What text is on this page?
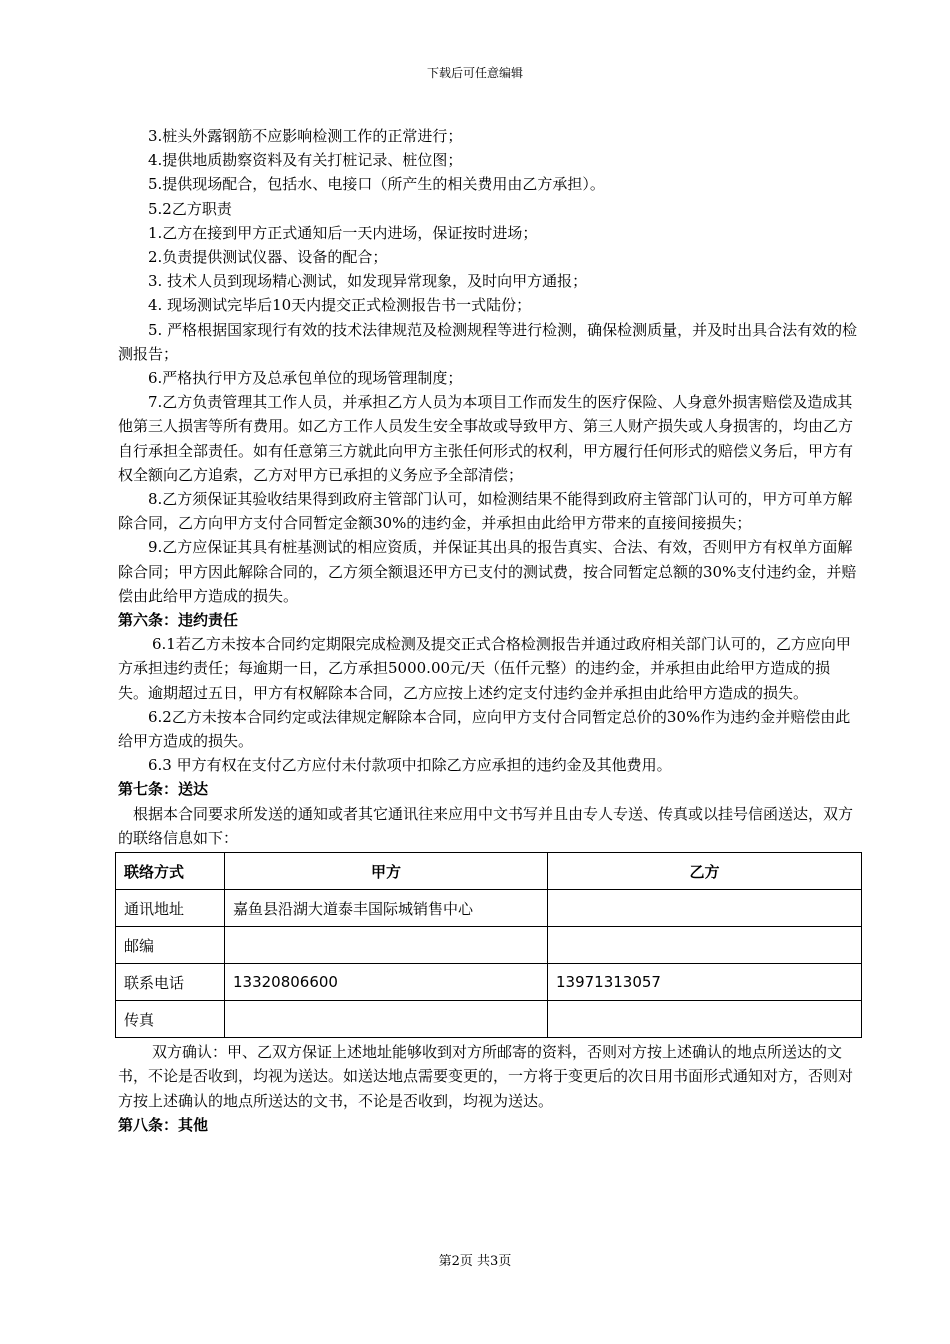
下载后可任意编辑

3.桩头外露钢筋不应影响检测工作的正常进行；

4.提供地质勘察资料及有关打桩记录、桩位图；

5.提供现场配合，包括水、电接口（所产生的相关费用由乙方承担）。

5.2乙方职责

1.乙方在接到甲方正式通知后一天内进场，保证按时进场；

2.负责提供测试仪器、设备的配合；

3. 技术人员到现场精心测试，如发现异常现象，及时向甲方通报；

4. 现场测试完毕后10天内提交正式检测报告书一式陆份；

5. 严格根据国家现行有效的技术法律规范及检测规程等进行检测，确保检测质量，并及时出具合法有效的检测报告；

6.严格执行甲方及总承包单位的现场管理制度；

7.乙方负责管理其工作人员，并承担乙方人员为本项目工作而发生的医疗保险、人身意外损害赔偿及造成其他第三人损害等所有费用。如乙方工作人员发生安全事故或导致甲方、第三人财产损失或人身损害的，均由乙方自行承担全部责任。如有任意第三方就此向甲方主张任何形式的权利，甲方履行任何形式的赔偿义务后，甲方有权全额向乙方追索，乙方对甲方已承担的义务应予全部清偿；

8.乙方须保证其验收结果得到政府主管部门认可，如检测结果不能得到政府主管部门认可的，甲方可单方解除合同，乙方向甲方支付合同暂定金额30%的违约金，并承担由此给甲方带来的直接间接损失；

9.乙方应保证其具有桩基测试的相应资质，并保证其出具的报告真实、合法、有效，否则甲方有权单方面解除合同；甲方因此解除合同的，乙方须全额退还甲方已支付的测试费，按合同暂定总额的30%支付违约金，并赔偿由此给甲方造成的损失。

第六条：违约责任

6.1若乙方未按本合同约定期限完成检测及提交正式合格检测报告并通过政府相关部门认可的，乙方应向甲方承担违约责任；每逾期一日，乙方承担5000.00元/天（伍仟元整）的违约金，并承担由此给甲方造成的损失。逾期超过五日，甲方有权解除本合同，乙方应按上述约定支付违约金并承担由此给甲方造成的损失。

6.2乙方未按本合同约定或法律规定解除本合同，应向甲方支付合同暂定总价的30%作为违约金并赔偿由此给甲方造成的损失。

6.3 甲方有权在支付乙方应付未付款项中扣除乙方应承担的违约金及其他费用。

第七条：送达

根据本合同要求所发送的通知或者其它通讯往来应用中文书写并且由专人专送、传真或以挂号信函送达，双方的联络信息如下：

联络方式	甲方	乙方
通讯地址	嘉鱼县沿湖大道泰丰国际城销售中心	
邮编		
联系电话	13320806600	13971313057
传真		

双方确认：甲、乙双方保证上述地址能够收到对方所邮寄的资料，否则对方按上述确认的地点所送达的文书，不论是否收到，均视为送达。如送达地点需要变更的，一方将于变更后的次日用书面形式通知对方，否则对方按上述确认的地点所送达的文书，不论是否收到，均视为送达。

第八条：其他

第2页 共3页
